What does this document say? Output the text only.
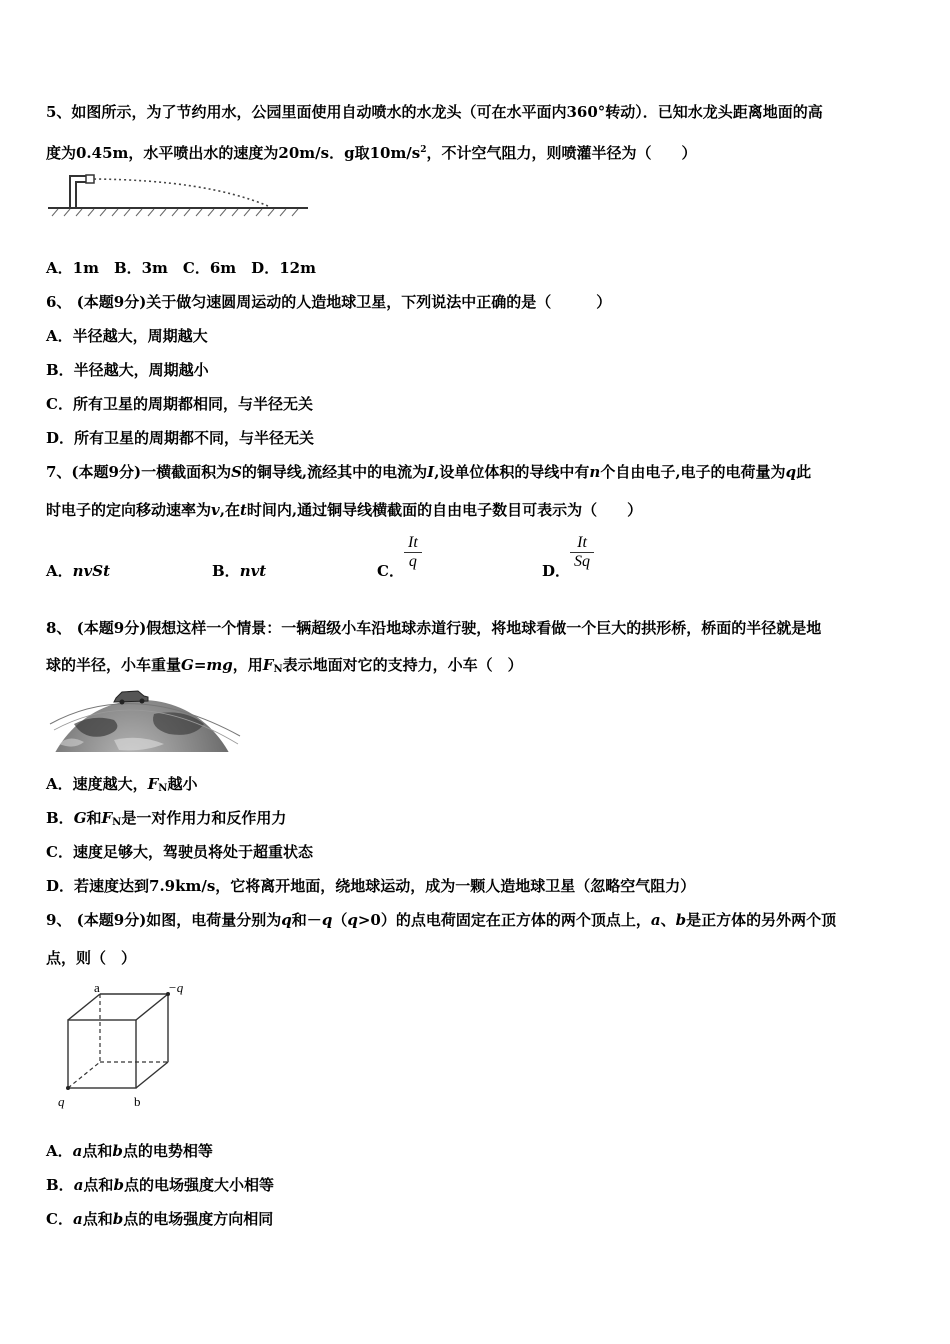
5、如图所示，为了节约用水，公园里面使用自动喷水的水龙头（可在水平面内360°转动）．已知水龙头距离地面的高
度为0.45m，水平喷出水的速度为20m/s．g取$10m/s^2$，不计空气阻力，则喷灌半径为（　　）
A．1m　B．3m　C．6m　D．12m
6、 (本题9分)关于做匀速圆周运动的人造地球卫星，下列说法中正确的是（　　　）
A．半径越大，周期越大
B．半径越大，周期越小
C．所有卫星的周期都相同，与半径无关
D．所有卫星的周期都不同，与半径无关
7、(本题9分)一横截面积为S的铜导线,流经其中的电流为I,设单位体积的导线中有n个自由电子,电子的电荷量为q此
时电子的定向移动速率为v,在t时间内,通过铜导线横截面的自由电子数目可表示为（　　）
A．nvSt	B．nvt	C． $\frac{It}{q}$	D． $\frac{It}{Sq}$
8、 (本题9分)假想这样一个情景：一辆超级小车沿地球赤道行驶，将地球看做一个巨大的拱形桥，桥面的半径就是地
球的半径，小车重量G=mg，用$F_N$表示地面对它的支持力，小车（　）
A．速度越大，$F_N$越小
B．G和$F_N$是一对作用力和反作用力
C．速度足够大，驾驶员将处于超重状态
D．若速度达到7.9km/s，它将离开地面，绕地球运动，成为一颗人造地球卫星（忽略空气阻力）
9、 (本题9分)如图，电荷量分别为q和－q（q>0）的点电荷固定在正方体的两个顶点上，a、b是正方体的另外两个顶
点，则（　）
a	−q
q	b
A．a点和b点的电势相等
B．a点和b点的电场强度大小相等
C．a点和b点的电场强度方向相同
